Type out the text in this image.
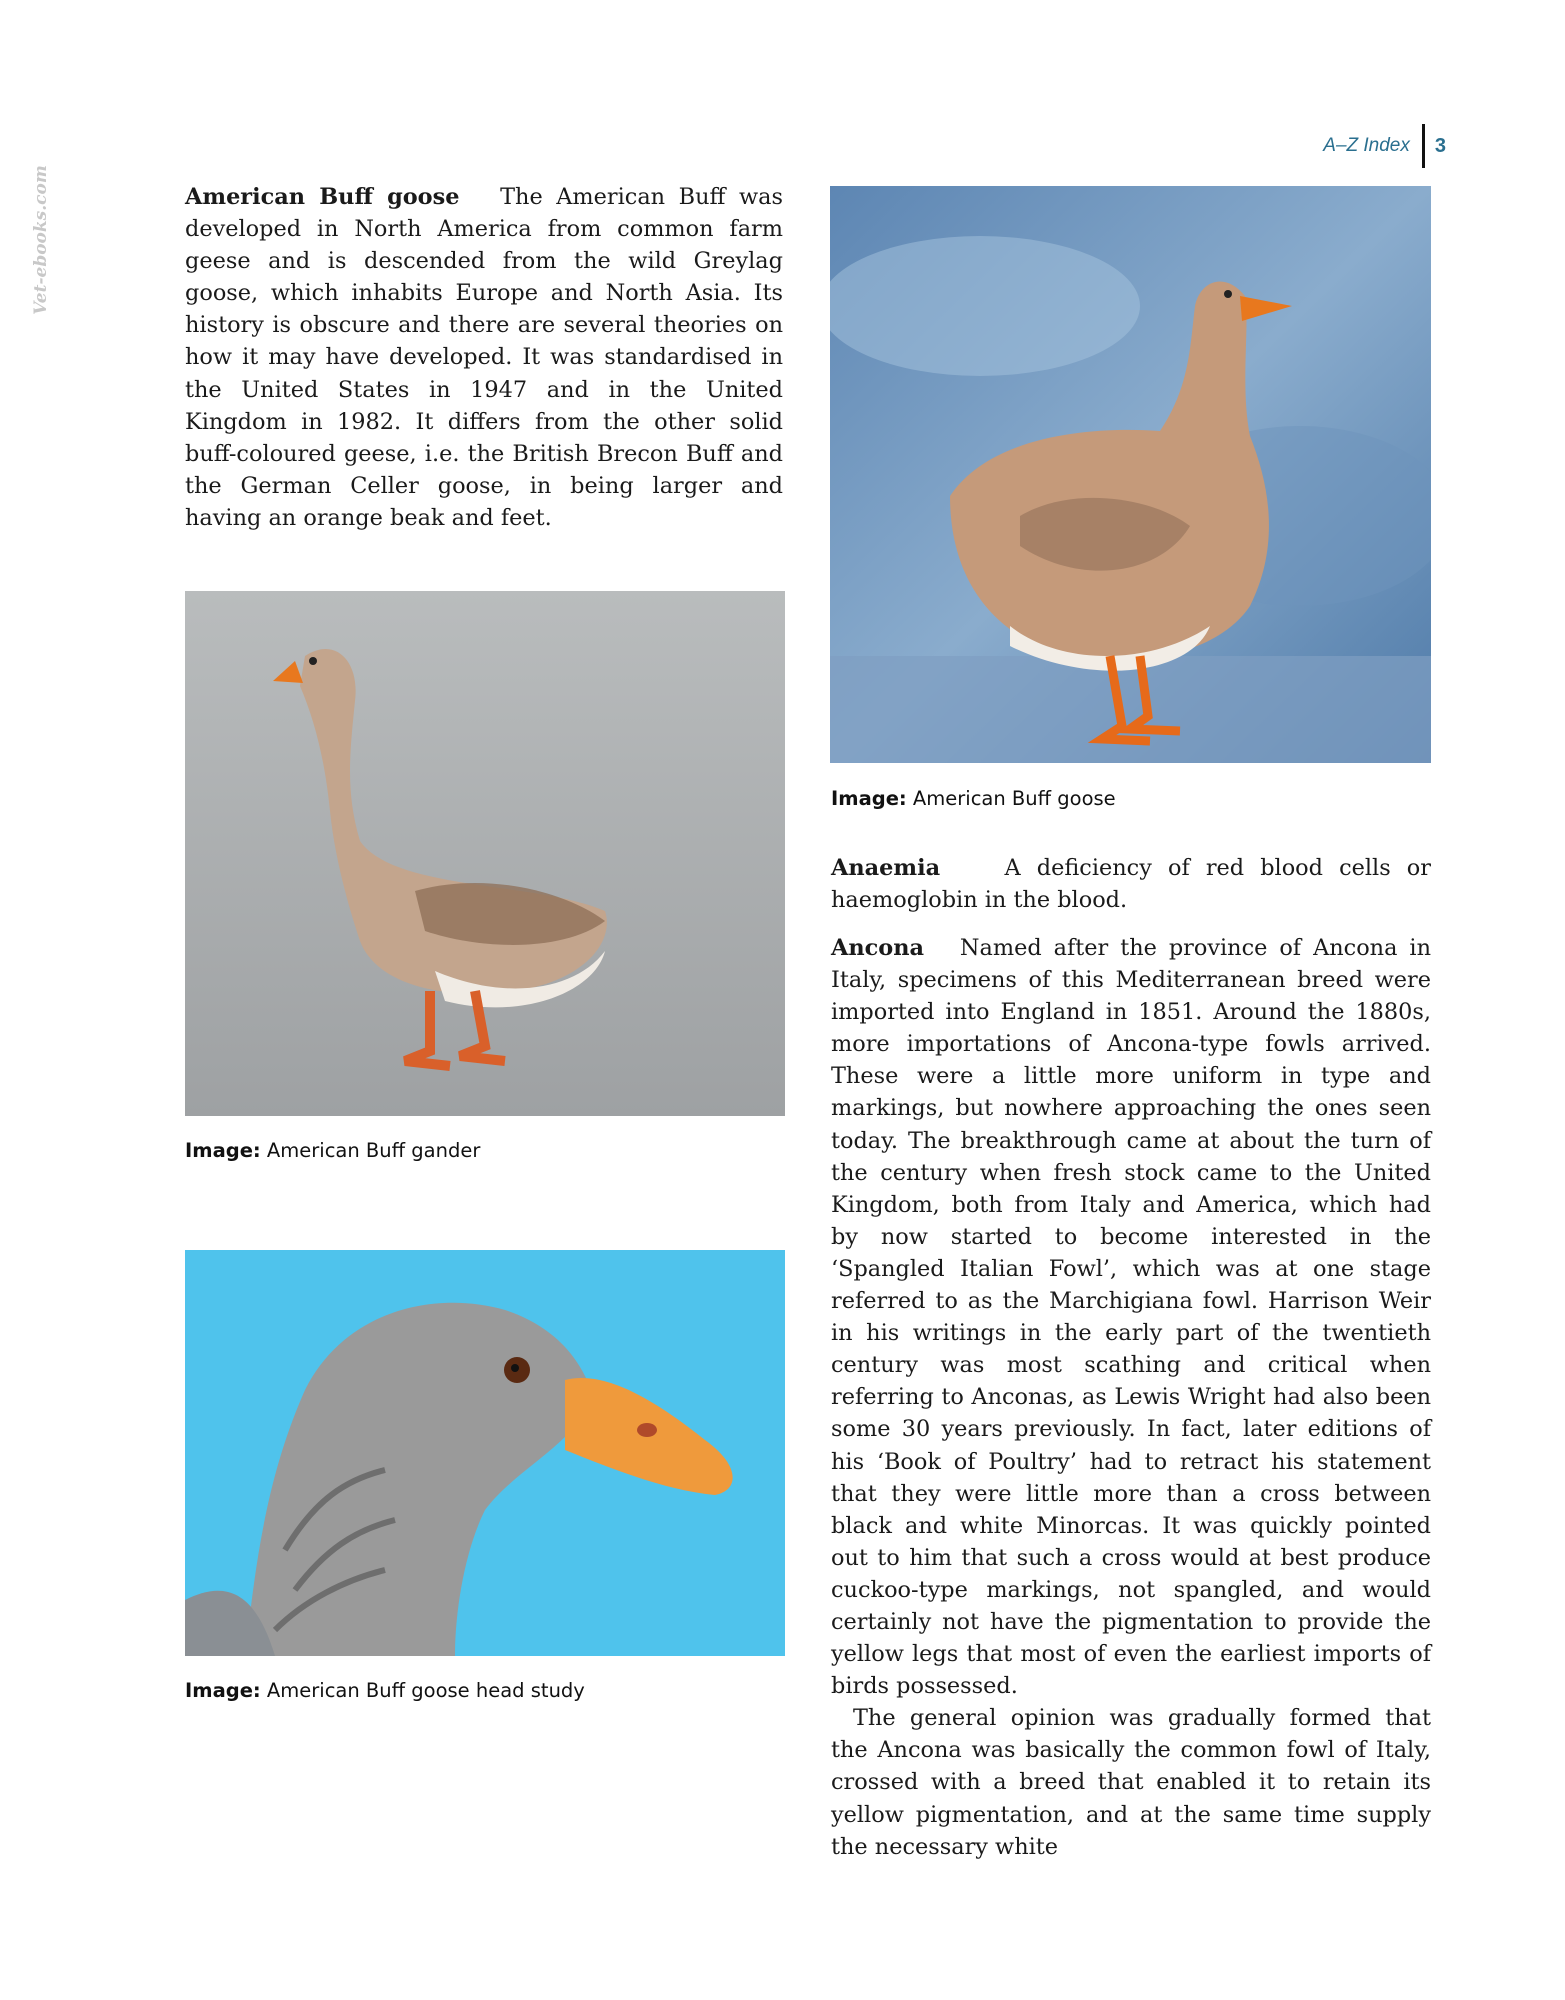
A–Z Index	3
Vet-ebooks.com	American Buff goose The American Buff was developed in North America from common farm geese and is descended from the wild Greylag goose, which inhabits Europe and North Asia. Its history is obscure and there are several theories on how it may have developed. It was standardised in the United States in 1947 and in the United Kingdom in 1982. It differs from the other solid buff-coloured geese, i.e. the British Brecon Buff and the German Celler goose, in being larger and having an orange beak and feet.

Image: American Buff goose
Image: American Buff gander
Image: American Buff goose head study

Anaemia	A deficiency of red blood cells or haemoglobin in the blood.

Ancona Named after the province of Ancona in Italy, specimens of this Mediterranean breed were imported into England in 1851. Around the 1880s, more importations of Ancona-type fowls arrived. These were a little more uniform in type and markings, but nowhere approaching the ones seen today. The breakthrough came at about the turn of the century when fresh stock came to the United Kingdom, both from Italy and America, which had by now started to become interested in the ‘Spangled Italian Fowl’, which was at one stage referred to as the Marchigiana fowl. Harrison Weir in his writings in the early part of the twentieth century was most scathing and critical when referring to Anconas, as Lewis Wright had also been some 30 years previously. In fact, later editions of his ‘Book of Poultry’ had to retract his statement that they were little more than a cross between black and white Minorcas. It was quickly pointed out to him that such a cross would at best produce cuckoo-type markings, not spangled, and would certainly not have the pigmentation to provide the yellow legs that most of even the earliest imports of birds possessed.

The general opinion was gradually formed that the Ancona was basically the common fowl of Italy, crossed with a breed that enabled it to retain its yellow pigmentation, and at the same time supply the necessary white
